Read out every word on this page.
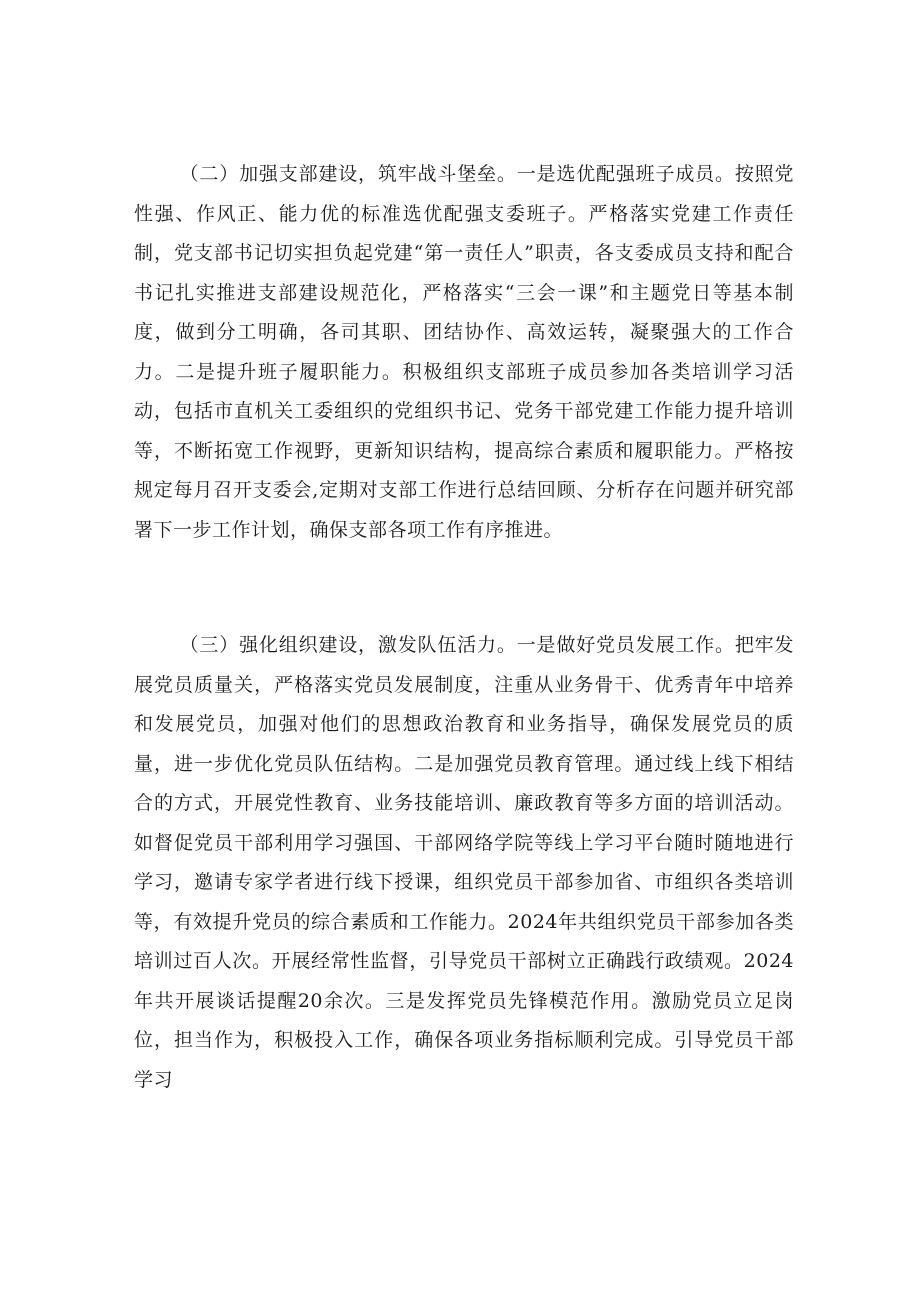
（二）加强支部建设，筑牢战斗堡垒。一是选优配强班子成员。按照党性强、作风正、能力优的标准选优配强支委班子。严格落实党建工作责任制，党支部书记切实担负起党建“第一责任人”职责，各支委成员支持和配合书记扎实推进支部建设规范化，严格落实“三会一课”和主题党日等基本制度，做到分工明确，各司其职、团结协作、高效运转，凝聚强大的工作合力。二是提升班子履职能力。积极组织支部班子成员参加各类培训学习活动，包括市直机关工委组织的党组织书记、党务干部党建工作能力提升培训等，不断拓宽工作视野，更新知识结构，提高综合素质和履职能力。严格按规定每月召开支委会,定期对支部工作进行总结回顾、分析存在问题并研究部署下一步工作计划，确保支部各项工作有序推进。

（三）强化组织建设，激发队伍活力。一是做好党员发展工作。把牢发展党员质量关，严格落实党员发展制度，注重从业务骨干、优秀青年中培养和发展党员，加强对他们的思想政治教育和业务指导，确保发展党员的质量，进一步优化党员队伍结构。二是加强党员教育管理。通过线上线下相结合的方式，开展党性教育、业务技能培训、廉政教育等多方面的培训活动。如督促党员干部利用学习强国、干部网络学院等线上学习平台随时随地进行学习，邀请专家学者进行线下授课，组织党员干部参加省、市组织各类培训等，有效提升党员的综合素质和工作能力。2024年共组织党员干部参加各类培训过百人次。开展经常性监督，引导党员干部树立正确践行政绩观。2024年共开展谈话提醒20余次。三是发挥党员先锋模范作用。激励党员立足岗位，担当作为，积极投入工作，确保各项业务指标顺利完成。引导党员干部学习
